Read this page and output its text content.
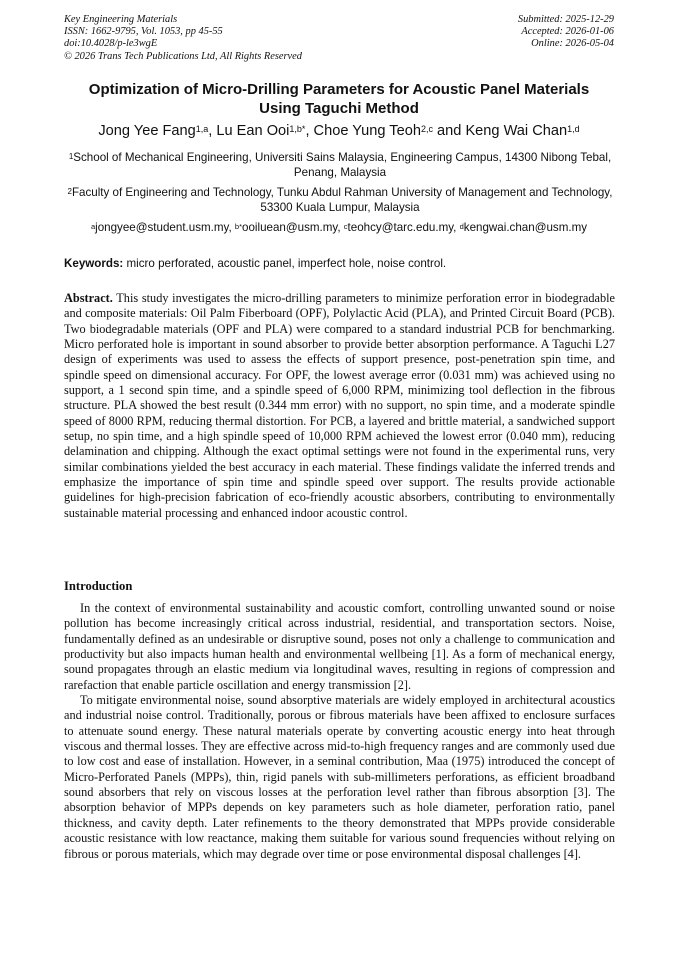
Key Engineering Materials
ISSN: 1662-9795, Vol. 1053, pp 45-55
doi:10.4028/p-le3wgE
© 2026 Trans Tech Publications Ltd, All Rights Reserved
Submitted: 2025-12-29
Accepted: 2026-01-06
Online: 2026-05-04
Optimization of Micro-Drilling Parameters for Acoustic Panel Materials
Using Taguchi Method
Jong Yee Fang$^{1,a}$, Lu Ean Ooi$^{1,b*}$, Choe Yung Teoh$^{2,c}$ and Keng Wai Chan$^{1,d}$
$^1$School of Mechanical Engineering, Universiti Sains Malaysia, Engineering Campus, 14300 Nibong Tebal, Penang, Malaysia
$^2$Faculty of Engineering and Technology, Tunku Abdul Rahman University of Management and Technology, 53300 Kuala Lumpur, Malaysia
$^a$jongyee@student.usm.my, $^{b*}$ooiluean@usm.my, $^c$teohcy@tarc.edu.my, $^d$kengwai.chan@usm.my
Keywords: micro perforated, acoustic panel, imperfect hole, noise control.
Abstract. This study investigates the micro-drilling parameters to minimize perforation error in biodegradable and composite materials: Oil Palm Fiberboard (OPF), Polylactic Acid (PLA), and Printed Circuit Board (PCB). Two biodegradable materials (OPF and PLA) were compared to a standard industrial PCB for benchmarking. Micro perforated hole is important in sound absorber to provide better absorption performance. A Taguchi L27 design of experiments was used to assess the effects of support presence, post-penetration spin time, and spindle speed on dimensional accuracy. For OPF, the lowest average error (0.031 mm) was achieved using no support, a 1 second spin time, and a spindle speed of 6,000 RPM, minimizing tool deflection in the fibrous structure. PLA showed the best result (0.344 mm error) with no support, no spin time, and a moderate spindle speed of 8000 RPM, reducing thermal distortion. For PCB, a layered and brittle material, a sandwiched support setup, no spin time, and a high spindle speed of 10,000 RPM achieved the lowest error (0.040 mm), reducing delamination and chipping. Although the exact optimal settings were not found in the experimental runs, very similar combinations yielded the best accuracy in each material. These findings validate the inferred trends and emphasize the importance of spin time and spindle speed over support. The results provide actionable guidelines for high-precision fabrication of eco-friendly acoustic absorbers, contributing to environmentally sustainable material processing and enhanced indoor acoustic control.
Introduction

In the context of environmental sustainability and acoustic comfort, controlling unwanted sound or noise pollution has become increasingly critical across industrial, residential, and transportation sectors. Noise, fundamentally defined as an undesirable or disruptive sound, poses not only a challenge to communication and productivity but also impacts human health and environmental wellbeing [1]. As a form of mechanical energy, sound propagates through an elastic medium via longitudinal waves, resulting in regions of compression and rarefaction that enable particle oscillation and energy transmission [2].

To mitigate environmental noise, sound absorptive materials are widely employed in architectural acoustics and industrial noise control. Traditionally, porous or fibrous materials have been affixed to enclosure surfaces to attenuate sound energy. These natural materials operate by converting acoustic energy into heat through viscous and thermal losses. They are effective across mid-to-high frequency ranges and are commonly used due to low cost and ease of installation. However, in a seminal contribution, Maa (1975) introduced the concept of Micro-Perforated Panels (MPPs), thin, rigid panels with sub-millimeters perforations, as efficient broadband sound absorbers that rely on viscous losses at the perforation level rather than fibrous absorption [3]. The absorption behavior of MPPs depends on key parameters such as hole diameter, perforation ratio, panel thickness, and cavity depth. Later refinements to the theory demonstrated that MPPs provide considerable acoustic resistance with low reactance, making them suitable for various sound frequencies without relying on fibrous or porous materials, which may degrade over time or pose environmental disposal challenges [4].
